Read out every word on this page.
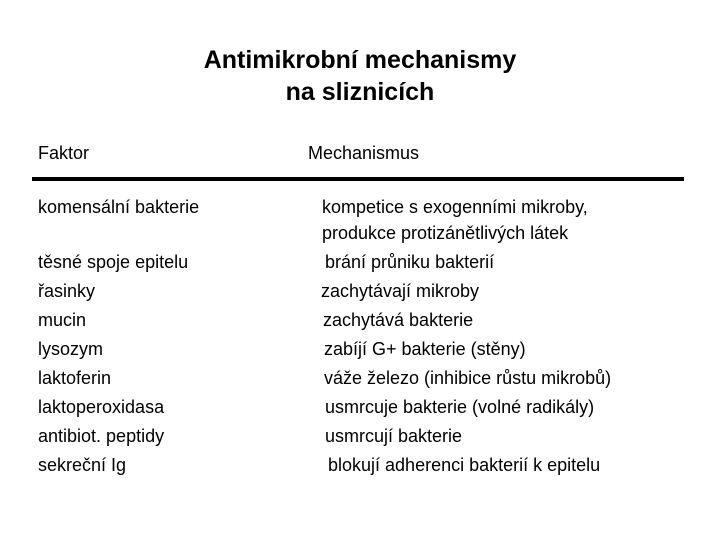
Antimikrobní mechanismy
na sliznicích
Faktor	Mechanismus
komensální bakterie	kompetice s exogenními mikroby,
produkce protizánětlivých látek
těsné spoje epitelu	brání průniku bakterií
řasinky	zachytávají mikroby
mucin	zachytává bakterie
lysozym	zabíjí G+ bakterie (stěny)
laktoferin	váže železo (inhibice růstu mikrobů)
laktoperoxidasa	usmrcuje bakterie (volné radikály)
antibiot. peptidy	usmrcují bakterie
sekreční Ig	blokují adherenci bakterií k epitelu
